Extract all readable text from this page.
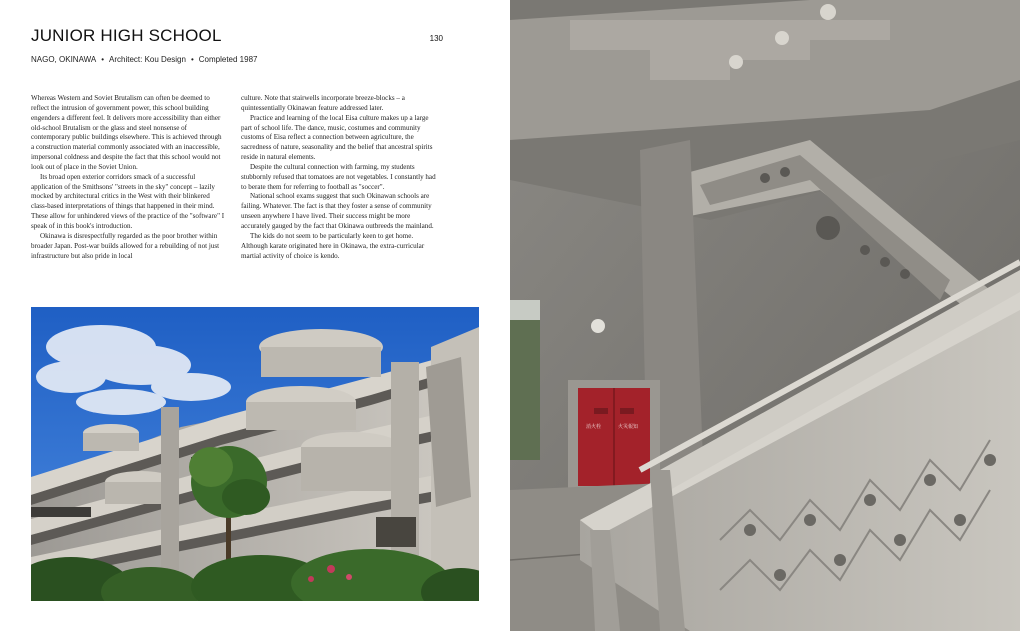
JUNIOR HIGH SCHOOL	130
NAGO, OKINAWA • Architect: Kou Design • Completed 1987

Whereas Western and Soviet Brutalism can often be deemed to reflect the intrusion of government power, this school building engenders a different feel. It delivers more accessibility than either old-school Brutalism or the glass and steel nonsense of contemporary public buildings elsewhere. This is achieved through a construction material commonly associated with an inaccessible, impersonal coldness and despite the fact that this school would not look out of place in the Soviet Union.

Its broad open exterior corridors smack of a successful application of the Smithsons' "streets in the sky" concept – lazily mocked by architectural critics in the West with their blinkered class-based interpretations of things that happened in their mind. These allow for unhindered views of the practice of the "software" I speak of in this book's introduction.

Okinawa is disrespectfully regarded as the poor brother within broader Japan. Post-war builds allowed for a rebuilding of not just infrastructure but also pride in local

culture. Note that stairwells incorporate breeze-blocks – a quintessentially Okinawan feature addressed later.

Practice and learning of the local Eisa culture makes up a large part of school life. The dance, music, costumes and community customs of Eisa reflect a connection between agriculture, the sacredness of nature, seasonality and the belief that ancestral spirits reside in natural elements.

Despite the cultural connection with farming, my students stubbornly refused that tomatoes are not vegetables. I constantly had to berate them for referring to football as "soccer".

National school exams suggest that such Okinawan schools are failing. Whatever. The fact is that they foster a sense of community unseen anywhere I have lived. Their success might be more accurately gauged by the fact that Okinawa outbreeds the mainland.

The kids do not seem to be particularly keen to get home. Although karate originated here in Okinawa, the extra-curricular martial activity of choice is kendo.

消火栓	火災報知
